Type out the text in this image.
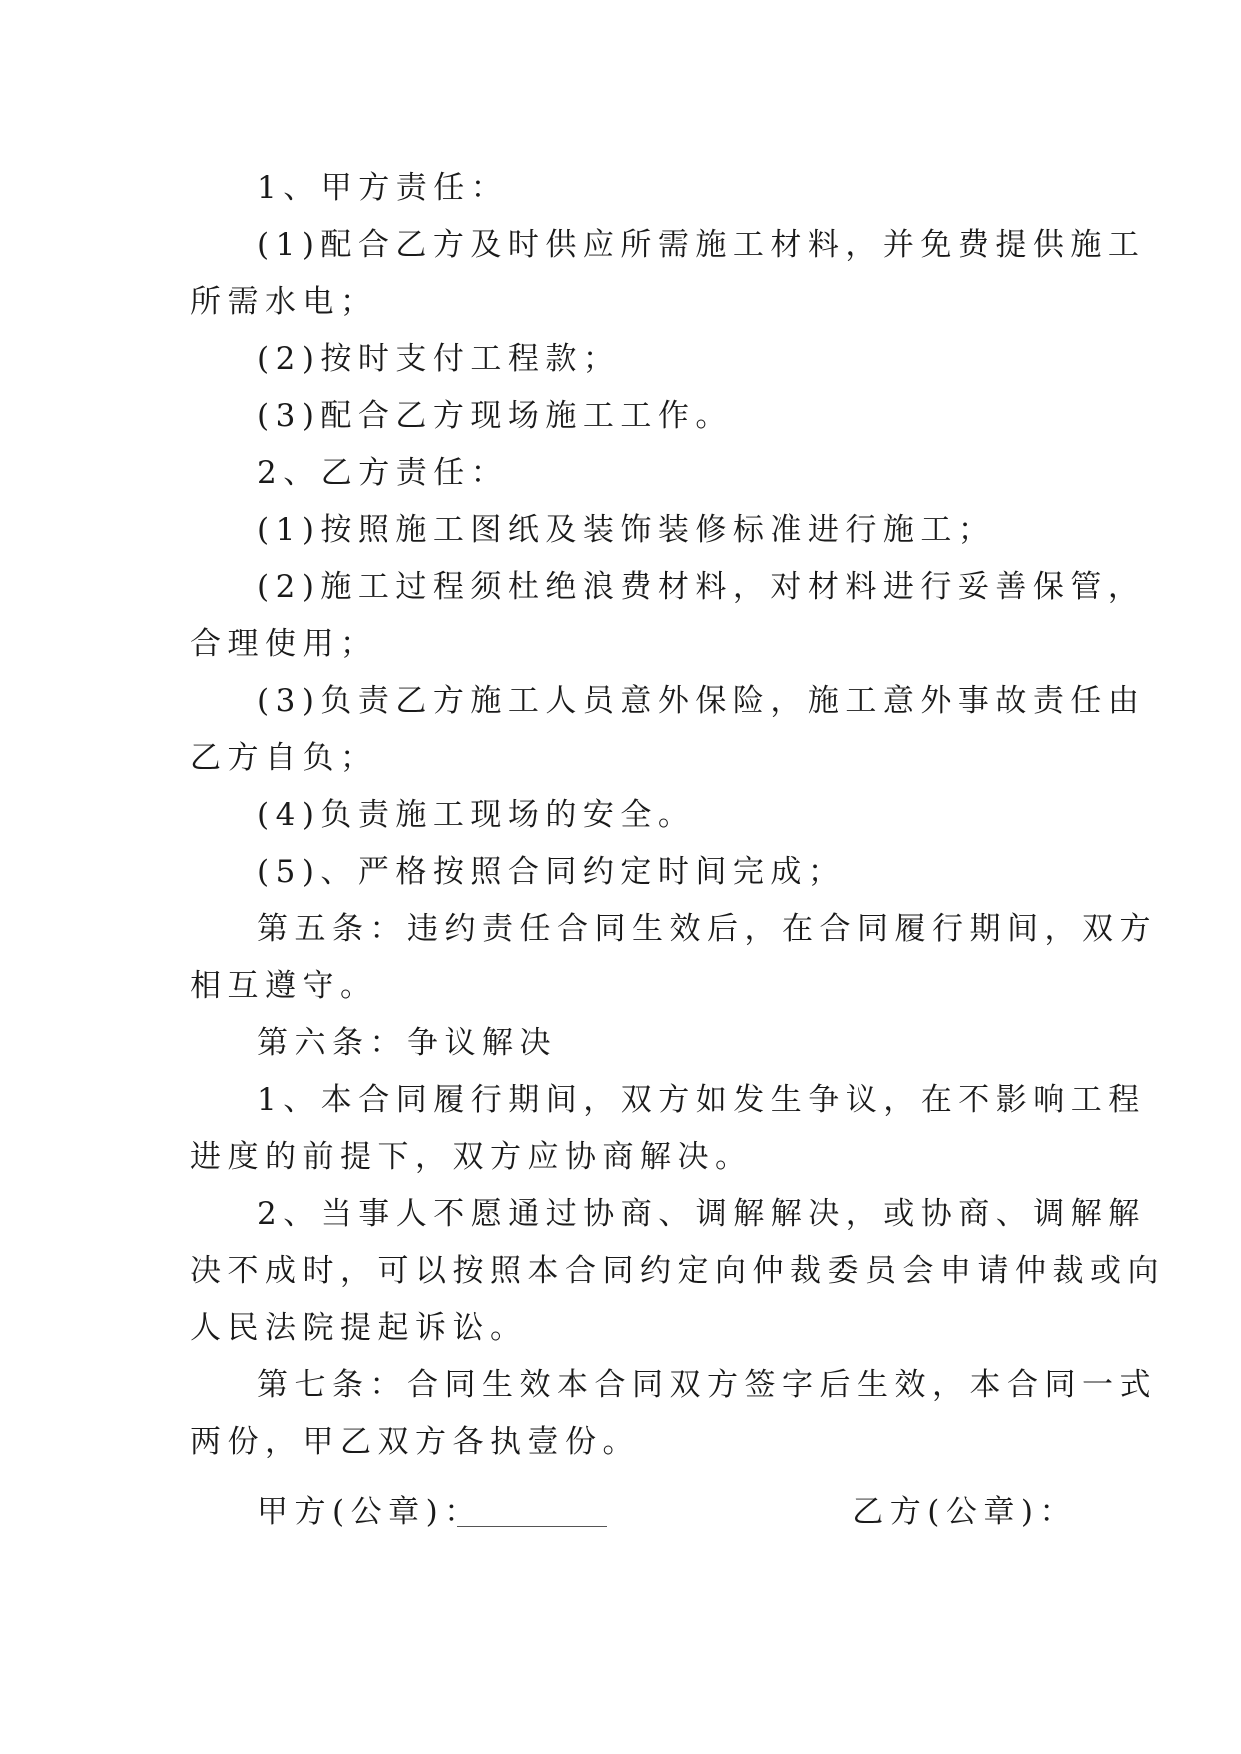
1、甲方责任：
(1)配合乙方及时供应所需施工材料，并免费提供施工
所需水电；
(2)按时支付工程款；
(3)配合乙方现场施工工作。
2、乙方责任：
(1)按照施工图纸及装饰装修标准进行施工；
(2)施工过程须杜绝浪费材料，对材料进行妥善保管，
合理使用；
(3)负责乙方施工人员意外保险，施工意外事故责任由
乙方自负；
(4)负责施工现场的安全。
(5)、严格按照合同约定时间完成；
第五条：违约责任合同生效后，在合同履行期间，双方
相互遵守。
第六条：争议解决
1、本合同履行期间，双方如发生争议，在不影响工程
进度的前提下，双方应协商解决。
2、当事人不愿通过协商、调解解决，或协商、调解解
决不成时，可以按照本合同约定向仲裁委员会申请仲裁或向
人民法院提起诉讼。
第七条：合同生效本合同双方签字后生效，本合同一式
两份，甲乙双方各执壹份。
甲方(公章)：	乙方(公章)：
